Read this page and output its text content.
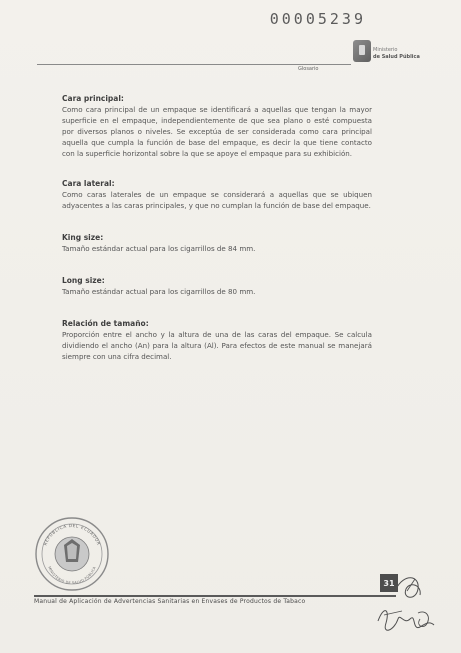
00005239
Ministerio
de Salud Pública
Glosario
Cara principal:

Como cara principal de un empaque se identificará a aquellas que tengan la mayor superficie en el empaque, independientemente de que sea plano o esté compuesta por diversos planos o niveles. Se exceptúa de ser considerada como cara principal aquella que cumpla la función de base del empaque, es decir la que tiene contacto con la superficie horizontal sobre la que se apoye el empaque para su exhibición.

Cara lateral:

Como caras laterales de un empaque se considerará a aquellas que se ubiquen adyacentes a las caras principales, y que no cumplan la función de base del empaque.

King size:

Tamaño estándar actual para los cigarrillos de 84 mm.

Long size:

Tamaño estándar actual para los cigarrillos de 80 mm.

Relación de tamaño:

Proporción entre el ancho y la altura de una de las caras del empaque. Se calcula dividiendo el ancho (An) para la altura (Al). Para efectos de este manual se manejará siempre con una cifra decimal.

REPÚBLICA DEL ECUADOR
MINISTERIO DE SALUD PÚBLICA
31
Manual de Aplicación de Advertencias Sanitarias en Envases de Productos de Tabaco
